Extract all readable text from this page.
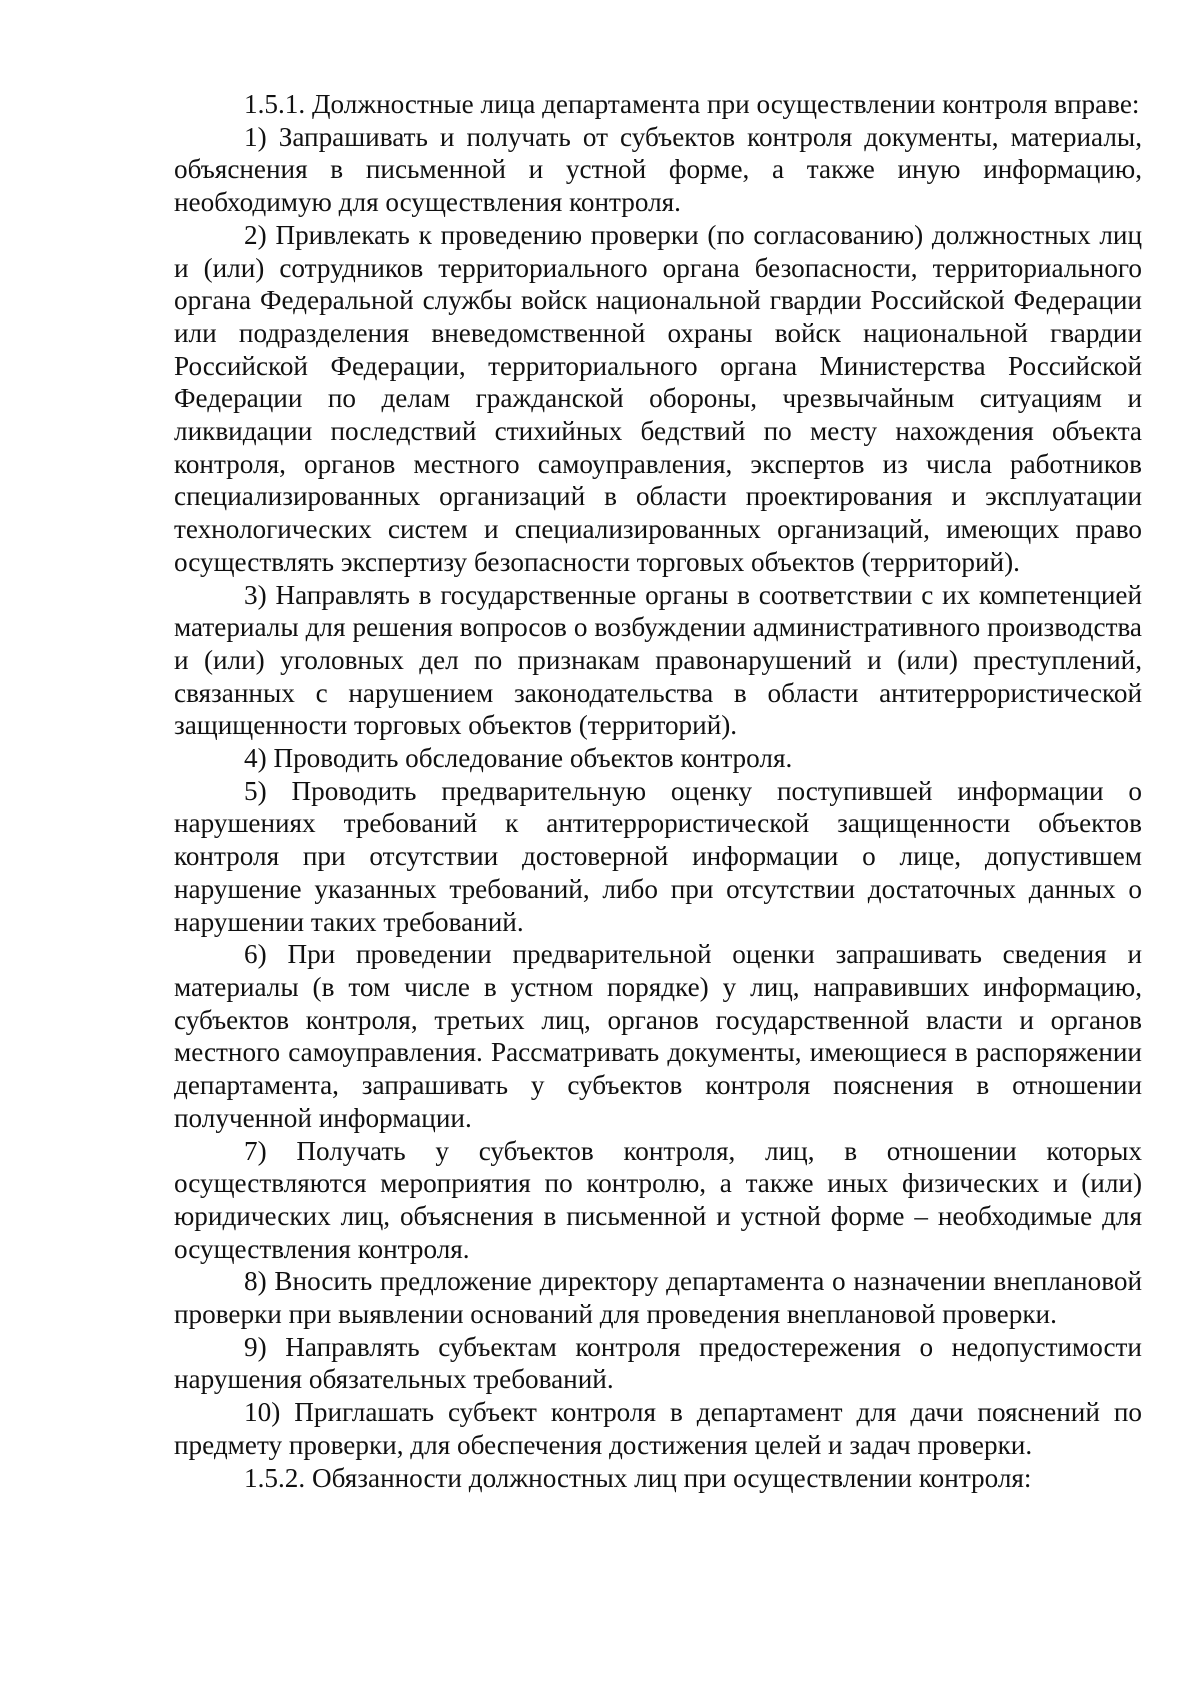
1.5.1. Должностные лица департамента при осуществлении контроля вправе:

1) Запрашивать и получать от субъектов контроля документы, материалы, объяснения в письменной и устной форме, а также иную информацию, необходимую для осуществления контроля.

2) Привлекать к проведению проверки (по согласованию) должностных лиц и (или) сотрудников территориального органа безопасности, территориального органа Федеральной службы войск национальной гвардии Российской Федерации или подразделения вневедомственной охраны войск национальной гвардии Российской Федерации, территориального органа Министерства Российской Федерации по делам гражданской обороны, чрезвычайным ситуациям и ликвидации последствий стихийных бедствий по месту нахождения объекта контроля, органов местного самоуправления, экспертов из числа работников специализированных организаций в области проектирования и эксплуатации технологических систем и специализированных организаций, имеющих право осуществлять экспертизу безопасности торговых объектов (территорий).

3) Направлять в государственные органы в соответствии с их компетенцией материалы для решения вопросов о возбуждении административного производства и (или) уголовных дел по признакам правонарушений и (или) преступлений, связанных с нарушением законодательства в области антитеррористической защищенности торговых объектов (территорий).

4) Проводить обследование объектов контроля.

5) Проводить предварительную оценку поступившей информации о нарушениях требований к антитеррористической защищенности объектов контроля при отсутствии достоверной информации о лице, допустившем нарушение указанных требований, либо при отсутствии достаточных данных о нарушении таких требований.

6) При проведении предварительной оценки запрашивать сведения и материалы (в том числе в устном порядке) у лиц, направивших информацию, субъектов контроля, третьих лиц, органов государственной власти и органов местного самоуправления. Рассматривать документы, имеющиеся в распоряжении департамента, запрашивать у субъектов контроля пояснения в отношении полученной информации.

7) Получать у субъектов контроля, лиц, в отношении которых осуществляются мероприятия по контролю, а также иных физических и (или) юридических лиц, объяснения в письменной и устной форме – необходимые для осуществления контроля.

8) Вносить предложение директору департамента о назначении внеплановой проверки при выявлении оснований для проведения внеплановой проверки.

9) Направлять субъектам контроля предостережения о недопустимости нарушения обязательных требований.

10) Приглашать субъект контроля в департамент для дачи пояснений по предмету проверки, для обеспечения достижения целей и задач проверки.

1.5.2. Обязанности должностных лиц при осуществлении контроля:
